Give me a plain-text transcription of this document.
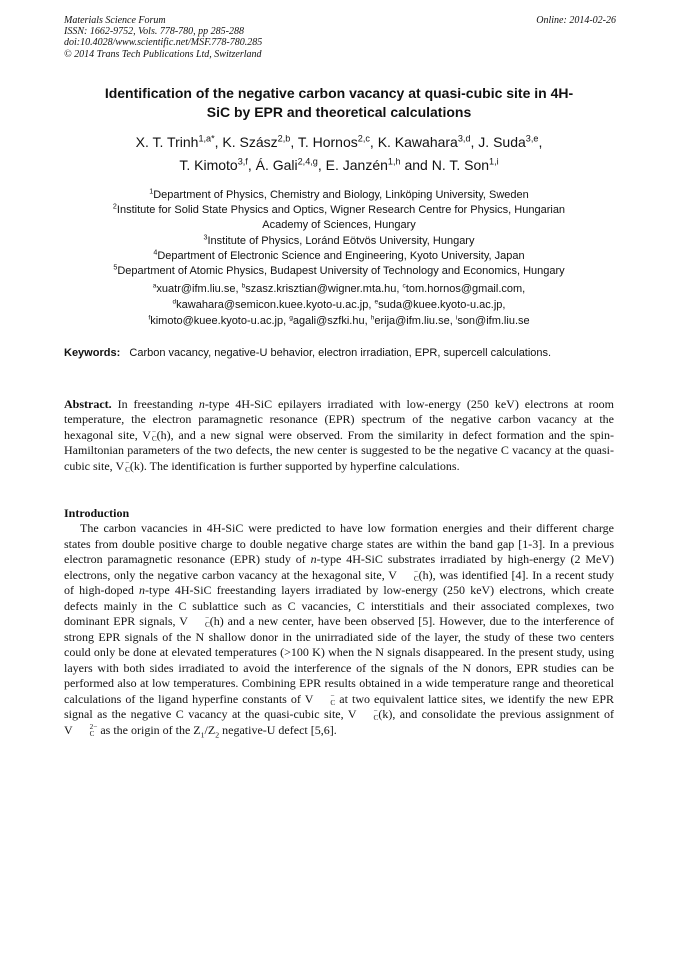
Materials Science Forum
ISSN: 1662-9752, Vols. 778-780, pp 285-288
doi:10.4028/www.scientific.net/MSF.778-780.285
© 2014 Trans Tech Publications Ltd, Switzerland
Online: 2014-02-26
Identification of the negative carbon vacancy at quasi-cubic site in 4H-
SiC by EPR and theoretical calculations
X. T. Trinh$^{1,a*}$, K. Szász$^{2,b}$, T. Hornos$^{2,c}$, K. Kawahara$^{3,d}$, J. Suda$^{3,e}$,
T. Kimoto$^{3,f}$, Á. Gali$^{2,4,g}$, E. Janzén$^{1,h}$ and N. T. Son$^{1,i}$
$^1$Department of Physics, Chemistry and Biology, Linköping University, Sweden
$^2$Institute for Solid State Physics and Optics, Wigner Research Centre for Physics, Hungarian
Academy of Sciences, Hungary
$^3$Institute of Physics, Loránd Eötvös University, Hungary
$^4$Department of Electronic Science and Engineering, Kyoto University, Japan
$^5$Department of Atomic Physics, Budapest University of Technology and Economics, Hungary
$^a$xuatr@ifm.liu.se, $^b$szasz.krisztian@wigner.mta.hu, $^c$tom.hornos@gmail.com,
$^d$kawahara@semicon.kuee.kyoto-u.ac.jp, $^e$suda@kuee.kyoto-u.ac.jp,
$^f$kimoto@kuee.kyoto-u.ac.jp, $^g$agali@szfki.hu, $^h$erija@ifm.liu.se, $^i$son@ifm.liu.se
Keywords: Carbon vacancy, negative-U behavior, electron irradiation, EPR, supercell calculations.
Abstract. In freestanding n-type 4H-SiC epilayers irradiated with low-energy (250 keV) electrons at room temperature, the electron paramagnetic resonance (EPR) spectrum of the negative carbon vacancy at the hexagonal site, V −
C (h), and a new signal were observed. From the similarity in defect formation and the spin-Hamiltonian parameters of the two defects, the new center is suggested to be the negative C vacancy at the quasi-cubic site, V −
C (k). The identification is further supported by hyperfine calculations.
Introduction
The carbon vacancies in 4H-SiC were predicted to have low formation energies and their different charge states from double positive charge to double negative charge states are within the band gap [1-3]. In a previous electron paramagnetic resonance (EPR) study of n-type 4H-SiC substrates irradiated by high-energy (2 MeV) electrons, only the negative carbon vacancy at the hexagonal site, V	−
C (h), was identified [4]. In a recent study of high-doped n-type 4H-SiC freestanding layers irradiated by low-energy (250 keV) electrons, which create defects mainly in the C sublattice such as C vacancies, C interstitials and their associated complexes, two dominant EPR signals, V	−
C (h) and a new center, have been observed [5]. However, due to the interference of strong EPR signals of the N shallow donor in the unirradiated side of the layer, the study of these two centers could only be done at elevated temperatures (>100 K) when the N signals disappeared. In the present study, using layers with both sides irradiated to avoid the interference of the signals of the N donors, EPR studies can be performed also at low temperatures. Combining EPR results obtained in a wide temperature range and theoretical calculations of the ligand hyperfine constants of V	−
C at two equivalent lattice sites, we identify the new EPR signal as the negative C vacancy at the quasi-cubic site, V	−
C (k), and consolidate the previous assignment of V	2−
C as the origin of the $Z_1/Z_2$ negative-U defect [5,6].
